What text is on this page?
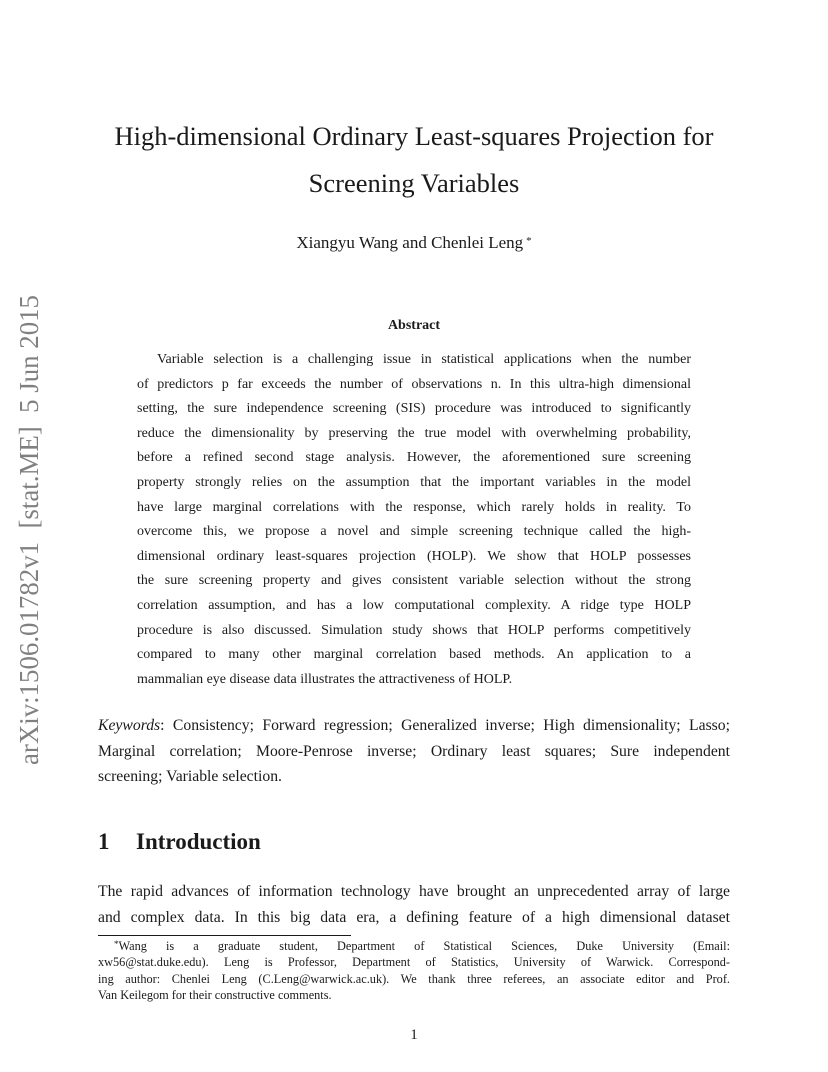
arXiv:1506.01782v1  [stat.ME]  5 Jun 2015
High-dimensional Ordinary Least-squares Projection for
Screening Variables
Xiangyu Wang and Chenlei Leng *
Abstract
Variable selection is a challenging issue in statistical applications when the number
of predictors p far exceeds the number of observations n. In this ultra-high dimensional
setting, the sure independence screening (SIS) procedure was introduced to significantly
reduce the dimensionality by preserving the true model with overwhelming probability,
before a refined second stage analysis. However, the aforementioned sure screening
property strongly relies on the assumption that the important variables in the model
have large marginal correlations with the response, which rarely holds in reality. To
overcome this, we propose a novel and simple screening technique called the high-
dimensional ordinary least-squares projection (HOLP). We show that HOLP possesses
the sure screening property and gives consistent variable selection without the strong
correlation assumption, and has a low computational complexity. A ridge type HOLP
procedure is also discussed. Simulation study shows that HOLP performs competitively
compared to many other marginal correlation based methods. An application to a
mammalian eye disease data illustrates the attractiveness of HOLP.
Keywords: Consistency; Forward regression; Generalized inverse; High dimensionality; Lasso;
Marginal correlation; Moore-Penrose inverse; Ordinary least squares; Sure independent
screening; Variable selection.
1 Introduction
The rapid advances of information technology have brought an unprecedented array of large
and complex data. In this big data era, a defining feature of a high dimensional dataset
*Wang is a graduate student, Department of Statistical Sciences, Duke University (Email:
xw56@stat.duke.edu). Leng is Professor, Department of Statistics, University of Warwick. Correspond-
ing author: Chenlei Leng (C.Leng@warwick.ac.uk). We thank three referees, an associate editor and Prof.
Van Keilegom for their constructive comments.
1
